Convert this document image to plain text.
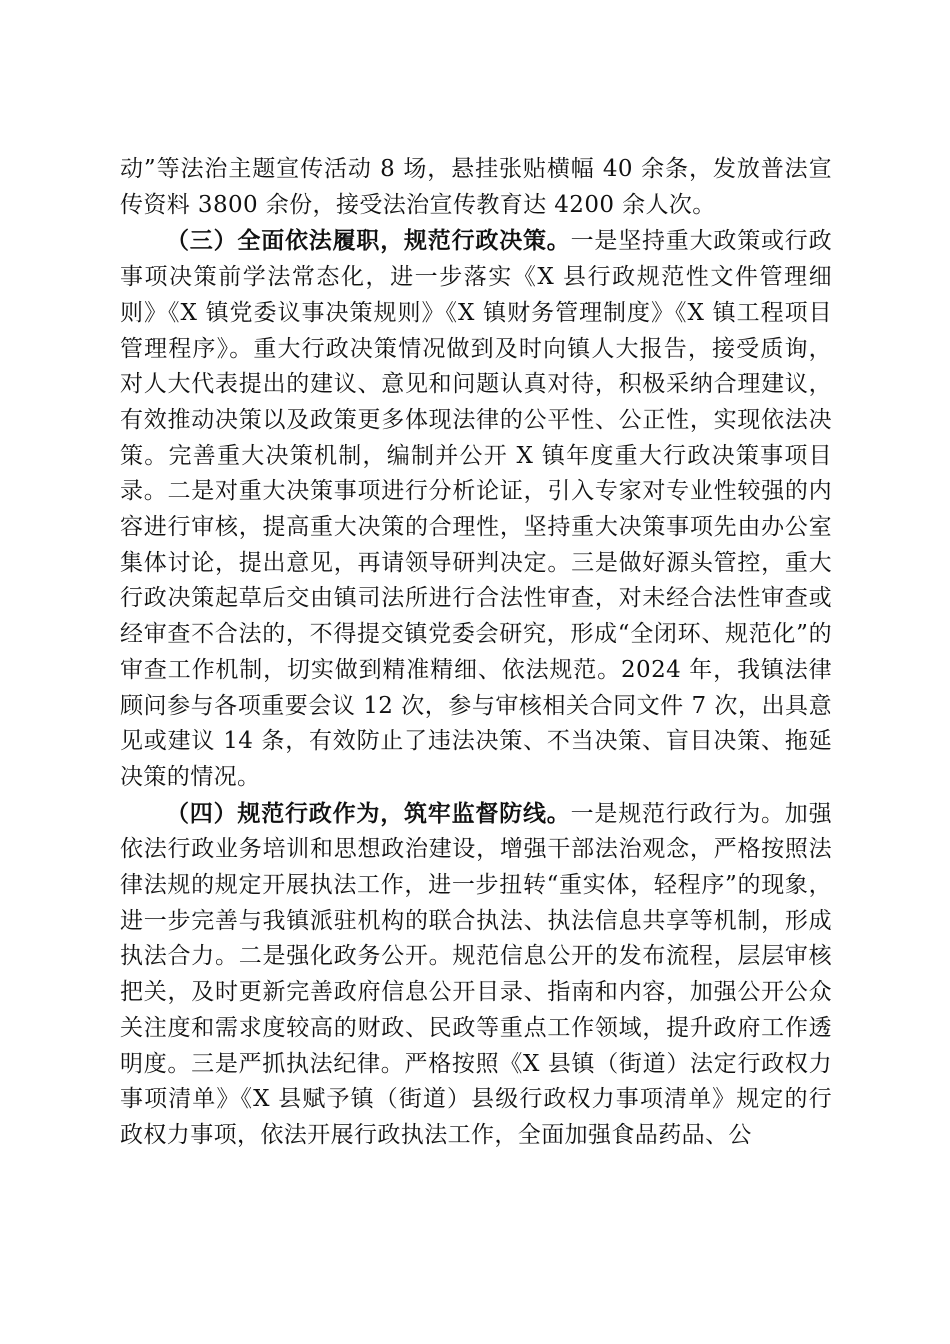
动”等法治主题宣传活动 8 场，悬挂张贴横幅 40 余条，发放普法宣传资料 3800 余份，接受法治宣传教育达 4200 余人次。

（三）全面依法履职，规范行政决策。一是坚持重大政策或行政事项决策前学法常态化，进一步落实《X 县行政规范性文件管理细则》《X 镇党委议事决策规则》《X 镇财务管理制度》《X 镇工程项目管理程序》。重大行政决策情况做到及时向镇人大报告，接受质询，对人大代表提出的建议、意见和问题认真对待，积极采纳合理建议，有效推动决策以及政策更多体现法律的公平性、公正性，实现依法决策。完善重大决策机制，编制并公开 X 镇年度重大行政决策事项目录。二是对重大决策事项进行分析论证，引入专家对专业性较强的内容进行审核，提高重大决策的合理性，坚持重大决策事项先由办公室集体讨论，提出意见，再请领导研判决定。三是做好源头管控，重大行政决策起草后交由镇司法所进行合法性审查，对未经合法性审查或经审查不合法的，不得提交镇党委会研究，形成“全闭环、规范化”的审查工作机制，切实做到精准精细、依法规范。2024 年，我镇法律顾问参与各项重要会议 12 次，参与审核相关合同文件 7 次，出具意见或建议 14 条，有效防止了违法决策、不当决策、盲目决策、拖延决策的情况。

（四）规范行政作为，筑牢监督防线。一是规范行政行为。加强依法行政业务培训和思想政治建设，增强干部法治观念，严格按照法律法规的规定开展执法工作，进一步扭转“重实体，轻程序”的现象，进一步完善与我镇派驻机构的联合执法、执法信息共享等机制，形成执法合力。二是强化政务公开。规范信息公开的发布流程，层层审核把关，及时更新完善政府信息公开目录、指南和内容，加强公开公众关注度和需求度较高的财政、民政等重点工作领域，提升政府工作透明度。三是严抓执法纪律。严格按照《X 县镇（街道）法定行政权力事项清单》《X 县赋予镇（街道）县级行政权力事项清单》规定的行政权力事项，依法开展行政执法工作，全面加强食品药品、公
